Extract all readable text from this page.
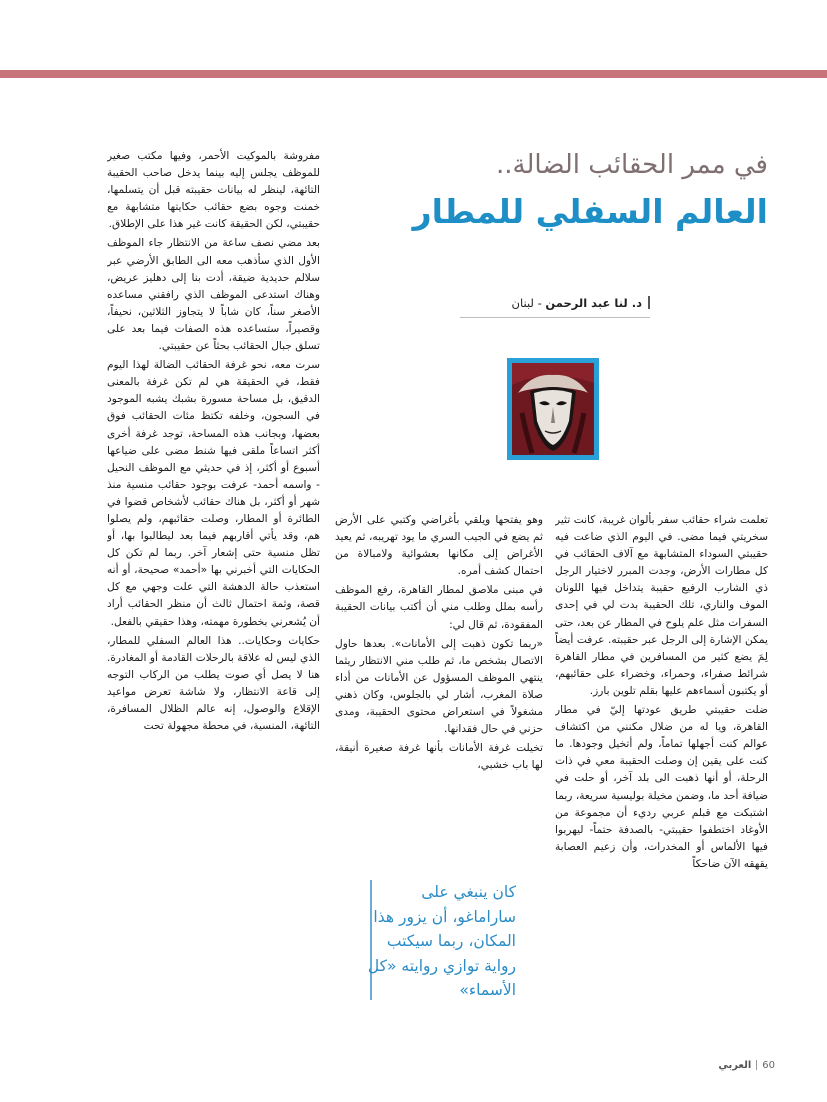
في ممر الحقائب الضالة..
العالم السفلي للمطار
د. لنا عبد الرحمن - لبنان

تعلمت شراء حقائب سفر بألوان غريبة، كانت تثير سخريتي فيما مضى. في اليوم الذي ضاعت فيه حقيبتي السوداء المتشابهة مع آلاف الحقائب في كل مطارات الأرض، وجدت المبرر لاختيار الرجل ذي الشارب الرفيع حقيبة يتداخل فيها اللونان الموف والناري، تلك الحقيبة بدت لي في إحدى السفرات مثل علم يلوح في المطار عن بعد، حتى يمكن الإشارة إلى الرجل عبر حقيبته. عرفت أيضاً لِمَ يضع كثير من المسافرين في مطار القاهرة شرائط صفراء، وحمراء، وخضراء على حقائبهم، أو يكتبون أسماءهم عليها بقلم تلوين بارز.

ضلت حقيبتي طريق عودتها إليّ في مطار القاهرة، ويا له من ضلال مكنني من اكتشاف عوالم كنت أجهلها تماماً، ولم أتخيل وجودها. ما كنت على يقين إن وصلت الحقيبة معي في ذات الرحلة، أو أنها ذهبت الى بلد آخر، أو حلت في ضيافة أحد ما، وضمن مخيلة بوليسية سريعة، ربما اشتبكت مع قبلم عربي رديء أن مجموعة من الأوغاد اختطفوا حقيبتي- بالصدفة حتماً- ليهربوا فيها الألماس أو المخدرات، وأن زعيم العصابة يقهقه الآن ضاحكاً

وهو يفتحها ويلقي بأغراضي وكتبي على الأرض ثم يضع في الجيب السري ما يود تهريبه، ثم يعيد الأغراض إلى مكانها بعشوائية ولامبالاة من احتمال كشف أمره.

في مبنى ملاصق لمطار القاهرة، رفع الموظف رأسه بملل وطلب مني أن أكتب بيانات الحقيبة المفقودة، ثم قال لي:

«ربما تكون ذهبت إلى الأمانات». بعدها حاول الاتصال بشخص ما، ثم طلب مني الانتظار ريثما ينتهي الموظف المسؤول عن الأمانات من أداء صلاة المغرب، أشار لي بالجلوس، وكان ذهني مشغولاً في استعراض محتوى الحقيبة، ومدى حزني في حال فقدانها.

تخيلت غرفة الأمانات بأنها غرفة صغيرة أنيقة، لها باب خشبي،

مفروشة بالموكيت الأحمر، وفيها مكتب صغير للموظف يجلس إليه بينما يدخل صاحب الحقيبة التائهة، لينظر له بيانات حقيبته قبل أن يتسلمها، خمنت وجوه بضع حقائب حكايتها متشابهة مع حقيبتي، لكن الحقيقة كانت غير هذا على الإطلاق.

بعد مضي نصف ساعة من الانتظار جاء الموظف الأول الذي سأذهب معه الى الطابق الأرضي عبر سلالم حديدية ضيقة، أدت بنا إلى دهليز عريض، وهناك استدعى الموظف الذي رافقني مساعده الأصغر سناً، كان شاباً لا يتجاوز الثلاثين، نحيفاً، وقصيراً، ستساعده هذه الصفات فيما بعد على تسلق جبال الحقائب بحثاً عن حقيبتي.

سرت معه، نحو غرفة الحقائب الضالة لهذا اليوم فقط، في الحقيقة هي لم تكن غرفة بالمعنى الدقيق، بل مساحة مسورة بشبك يشبه الموجود في السجون، وخلفه تكتظ مئات الحقائب فوق بعضها، وبجانب هذه المساحة، توجد غرفة أخرى أكثر اتساعاً ملقى فيها شنط مضى على ضياعها أسبوع أو أكثر، إذ في حديثي مع الموظف النحيل - واسمه أحمد- عرفت بوجود حقائب منسية منذ شهر أو أكثر، بل هناك حقائب لأشخاص قضوا في الطائرة أو المطار، وصلت حقائبهم، ولم يصلوا هم، وقد يأتي أقاربهم فيما بعد ليطالبوا بها، أو تظل منسية حتى إشعار آخر. ربما لم تكن كل الحكايات التي أخبرني بها «أحمد» صحيحة، أو أنه استعذب حالة الدهشة التي علت وجهي مع كل قصة، وثمة احتمال ثالث أن منظر الحقائب أراد أن يُشعرني بخطورة مهمته، وهذا حقيقي بالفعل.

حكايات وحكايات.. هذا العالم السفلي للمطار، الذي ليس له علاقة بالرحلات القادمة أو المغادرة. هنا لا يصل أي صوت يطلب من الركاب التوجه إلى قاعة الانتظار، ولا شاشة تعرض مواعيد الإقلاع والوصول، إنه عالم الظلال المسافرة، التائهة، المنسية، في محطة مجهولة تحت

كان ينبغي على ساراماغو، أن يزور هذا المكان، ربما سيكتب رواية توازي روايته «كل الأسماء»
العربي 60
